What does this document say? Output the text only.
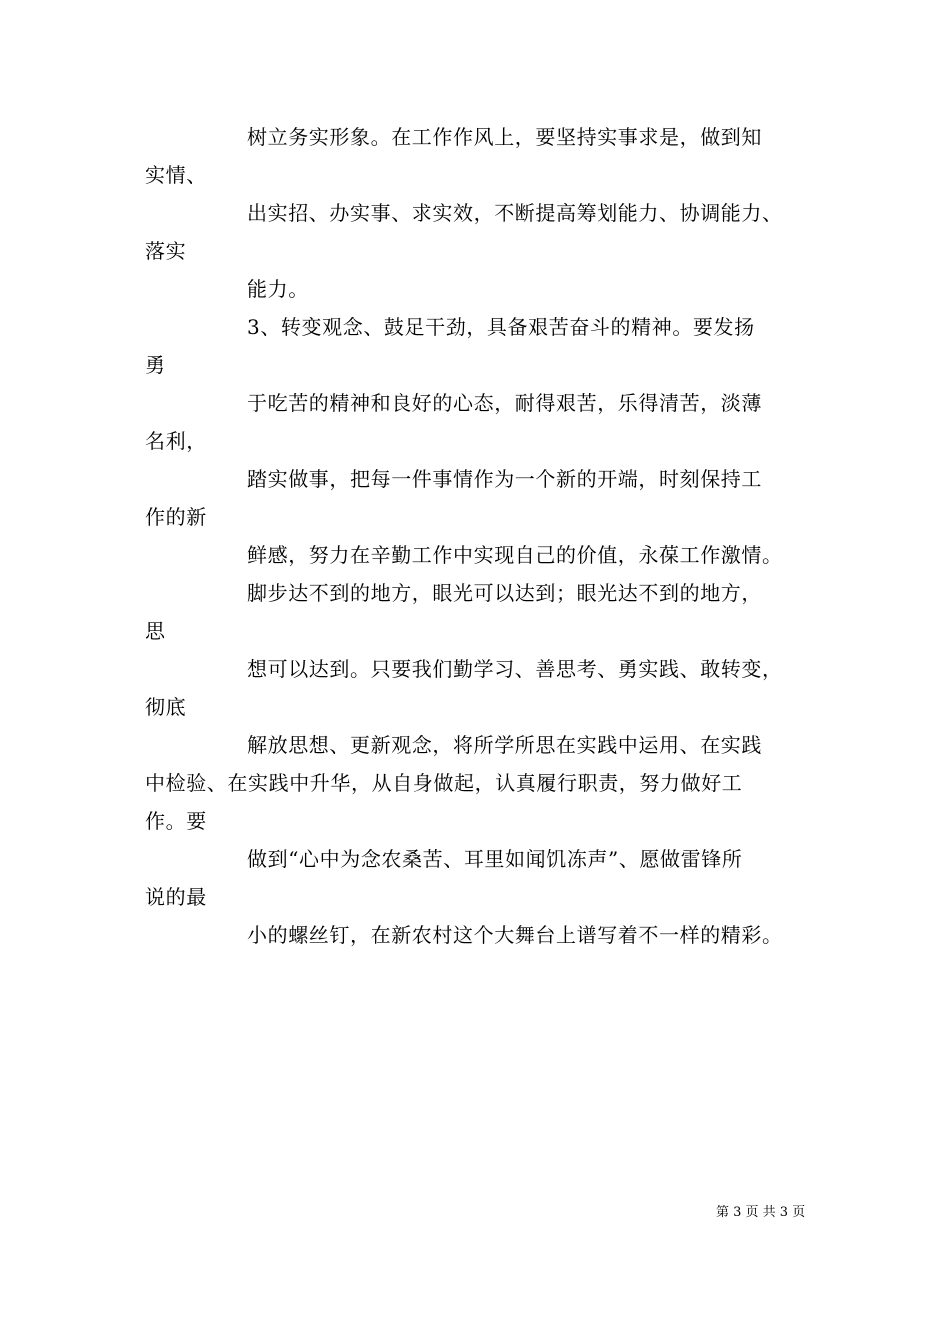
树立务实形象。在工作作风上，要坚持实事求是，做到知
实情、
出实招、办实事、求实效，不断提高筹划能力、协调能力、
落实
能力。
3、转变观念、鼓足干劲，具备艰苦奋斗的精神。要发扬
勇
于吃苦的精神和良好的心态，耐得艰苦，乐得清苦，淡薄
名利，
踏实做事，把每一件事情作为一个新的开端，时刻保持工
作的新
鲜感，努力在辛勤工作中实现自己的价值，永葆工作激情。
脚步达不到的地方，眼光可以达到；眼光达不到的地方，
思
想可以达到。只要我们勤学习、善思考、勇实践、敢转变，
彻底
解放思想、更新观念，将所学所思在实践中运用、在实践
中检验、在实践中升华，从自身做起，认真履行职责，努力做好工
作。要
做到“心中为念农桑苦、耳里如闻饥冻声”、愿做雷锋所
说的最
小的螺丝钉，在新农村这个大舞台上谱写着不一样的精彩。
第 3 页 共 3 页
